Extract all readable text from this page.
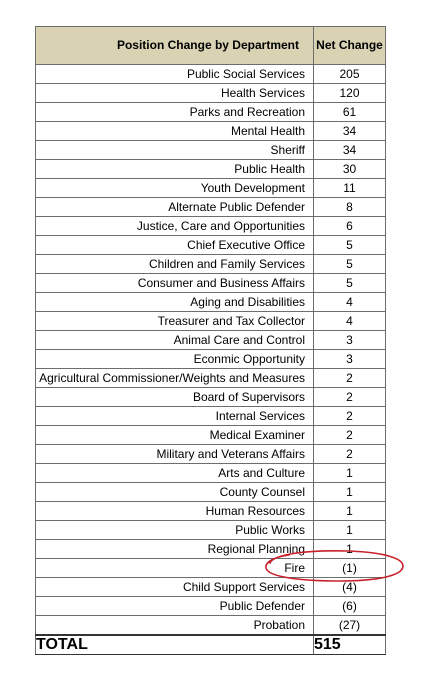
Position Change by Department	Net Change
Public Social Services	205
Health Services	120
Parks and Recreation	61
Mental Health	34
Sheriff	34
Public Health	30
Youth Development	11
Alternate Public Defender	8
Justice, Care and Opportunities	6
Chief Executive Office	5
Children and Family Services	5
Consumer and Business Affairs	5
Aging and Disabilities	4
Treasurer and Tax Collector	4
Animal Care and Control	3
Econmic Opportunity	3
Agricultural Commissioner/Weights and Measures	2
Board of Supervisors	2
Internal Services	2
Medical Examiner	2
Military and Veterans Affairs	2
Arts and Culture	1
County Counsel	1
Human Resources	1
Public Works	1
Regional Planning	1
Fire	(1)
Child Support Services	(4)
Public Defender	(6)
Probation	(27)
TOTAL	515
